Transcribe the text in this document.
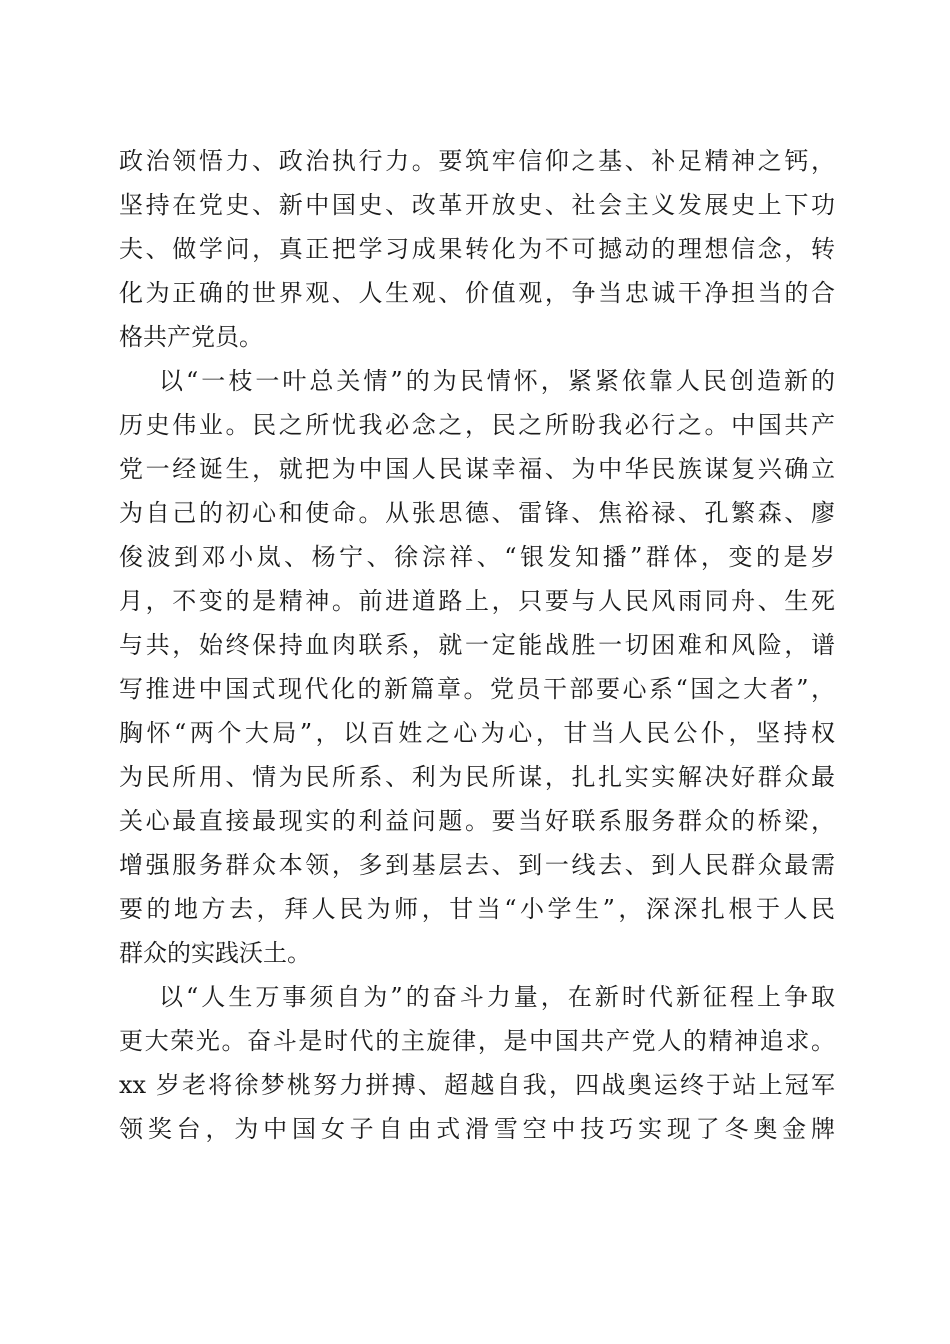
政治领悟力、政治执行力。要筑牢信仰之基、补足精神之钙，
坚持在党史、新中国史、改革开放史、社会主义发展史上下功
夫、做学问，真正把学习成果转化为不可撼动的理想信念，转
化为正确的世界观、人生观、价值观，争当忠诚干净担当的合
格共产党员。
以“一枝一叶总关情”的为民情怀，紧紧依靠人民创造新的
历史伟业。民之所忧我必念之，民之所盼我必行之。中国共产
党一经诞生，就把为中国人民谋幸福、为中华民族谋复兴确立
为自己的初心和使命。从张思德、雷锋、焦裕禄、孔繁森、廖
俊波到邓小岚、杨宁、徐淙祥、“银发知播”群体，变的是岁
月，不变的是精神。前进道路上，只要与人民风雨同舟、生死
与共，始终保持血肉联系，就一定能战胜一切困难和风险，谱
写推进中国式现代化的新篇章。党员干部要心系“国之大者”，
胸怀“两个大局”，以百姓之心为心，甘当人民公仆，坚持权
为民所用、情为民所系、利为民所谋，扎扎实实解决好群众最
关心最直接最现实的利益问题。要当好联系服务群众的桥梁，
增强服务群众本领，多到基层去、到一线去、到人民群众最需
要的地方去，拜人民为师，甘当“小学生”，深深扎根于人民
群众的实践沃土。
以“人生万事须自为”的奋斗力量，在新时代新征程上争取
更大荣光。奋斗是时代的主旋律，是中国共产党人的精神追求。
xx 岁老将徐梦桃努力拼搏、超越自我，四战奥运终于站上冠军
领奖台，为中国女子自由式滑雪空中技巧实现了冬奥金牌
